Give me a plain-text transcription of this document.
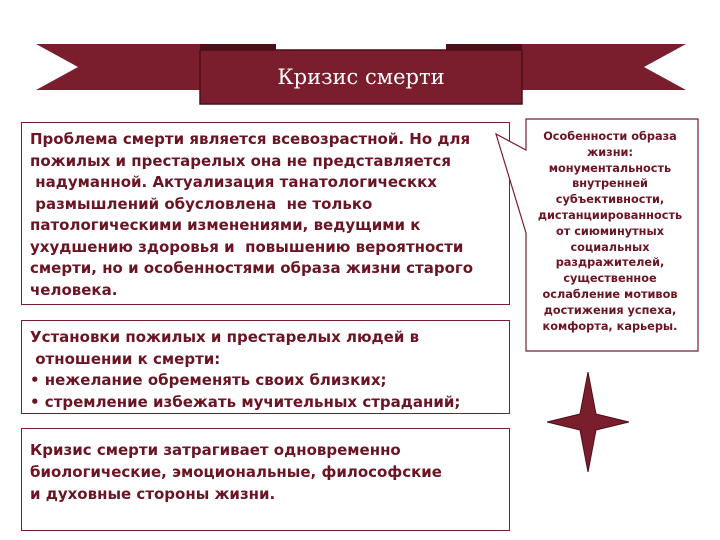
Кризис смерти
Проблема смерти является всевозрастной. Но для
пожилых и престарелых она не представляется
надуманной. Актуализация танатологическкх
размышлений обусловлена  не только
патологическими изменениями, ведущими к
ухудшению здоровья и  повышению вероятности
смерти, но и особенностями образа жизни старого
человека.
Установки пожилых и престарелых людей в
отношении к смерти:
• нежелание обременять своих близких;
• стремление избежать мучительных страданий;
Кризис смерти затрагивает одновременно
биологические, эмоциональные, философские
и духовные стороны жизни.
Особенности образа
жизни:
монументальность
внутренней
субъективности,
дистанциированность
от сиюминутных
социальных
раздражителей,
существенное
ослабление мотивов
достижения успеха,
комфорта, карьеры.
